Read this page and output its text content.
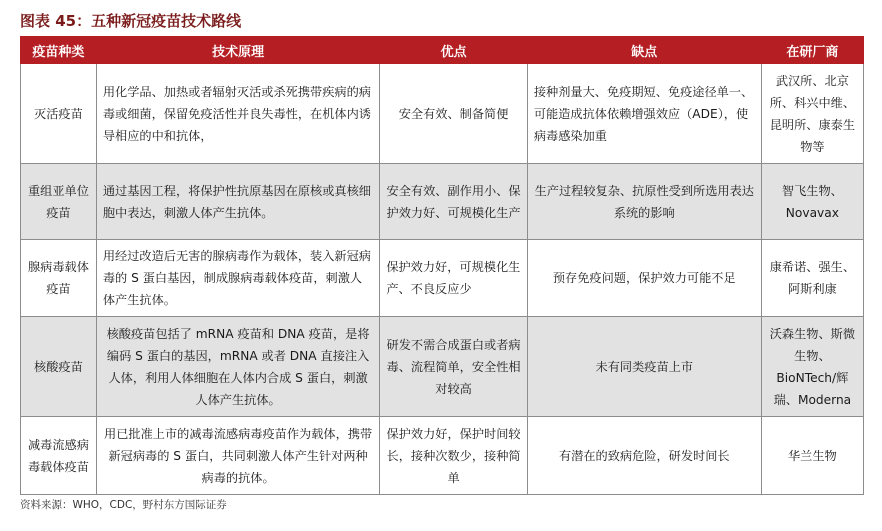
图表 45：五种新冠疫苗技术路线
疫苗种类	技术原理	优点	缺点	在研厂商
灭活疫苗	用化学品、加热或者辐射灭活或杀死携带疾病的病毒或细菌，保留免疫活性并良失毒性，在机体内诱导相应的中和抗体，	安全有效、制备简便	接种剂量大、免疫期短、免疫途径单一、可能造成抗体依赖增强效应（ADE），使病毒感染加重	武汉所、北京所、科兴中维、昆明所、康泰生物等
重组亚单位疫苗	通过基因工程，将保护性抗原基因在原核或真核细胞中表达，刺激人体产生抗体。	安全有效、副作用小、保护效力好、可规模化生产	生产过程较复杂、抗原性受到所选用表达系统的影响	智飞生物、Novavax
腺病毒载体疫苗	用经过改造后无害的腺病毒作为载体，装入新冠病毒的 S 蛋白基因，制成腺病毒载体疫苗，刺激人体产生抗体。	保护效力好，可规模化生产、不良反应少	预存免疫问题，保护效力可能不足	康希诺、强生、阿斯利康
核酸疫苗	核酸疫苗包括了 mRNA 疫苗和 DNA 疫苗，是将编码 S 蛋白的基因，mRNA 或者 DNA 直接注入人体，利用人体细胞在人体内合成 S 蛋白，刺激人体产生抗体。	研发不需合成蛋白或者病毒、流程简单，安全性相对较高	未有同类疫苗上市	沃森生物、斯微生物、BioNTech/辉瑞、Moderna
减毒流感病毒载体疫苗	用已批准上市的减毒流感病毒疫苗作为载体，携带新冠病毒的 S 蛋白，共同刺激人体产生针对两种病毒的抗体。	保护效力好，保护时间较长，接种次数少，接种简单	有潜在的致病危险，研发时间长	华兰生物
资料来源：WHO，CDC，野村东方国际证券
